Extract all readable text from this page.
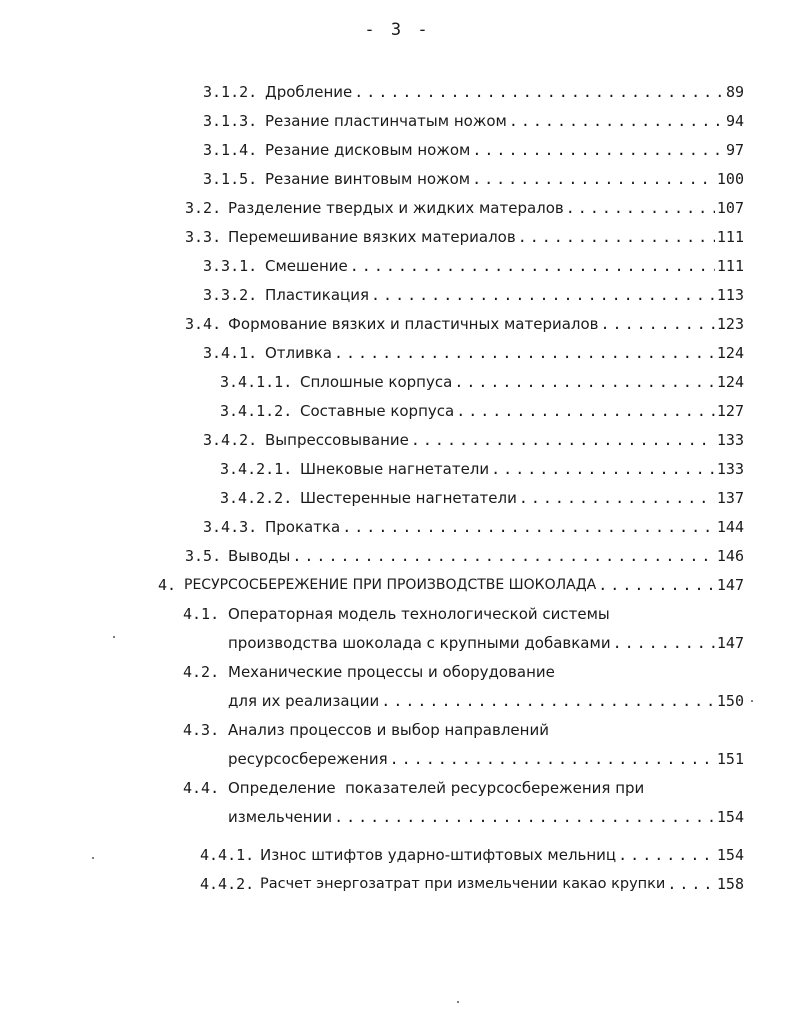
- 3 -
3.1.2. Дробление .....	89
3.1.3. Резание пластинчатым ножом .....	94
3.1.4. Резание дисковым ножом .....	97
3.1.5. Резание винтовым ножом .....	100
3.2. Разделение твердых и жидких матерaлов .....	107
3.3. Перемешивание вязких материалов .....	111
3.3.1. Смешение .....	111
3.3.2. Пластикация .....	113
3.4. Формование вязких и пластичных материалов .....	123
3.4.1. Отливка .....	124
3.4.1.1. Сплошные корпуса .....	124
3.4.1.2. Составные корпуса .....	127
3.4.2. Выпрессовывание .....	133
3.4.2.1. Шнековые нагнетатели .....	133
3.4.2.2. Шестеренные нагнетатели .....	137
3.4.3. Прокатка .....	144
3.5. Выводы .....	146
4. РЕСУРСОСБЕРЕЖЕНИЕ ПРИ ПРОИЗВОДСТВЕ ШОКОЛАДА .....	147
4.1. Операторная модель технологической системы
производства шоколада с крупными добавками .....	147
4.2. Механические процессы и оборудование
для их реализации .....	150
4.3. Анализ процессов и выбор направлений
ресурсосбережения .....	151
4.4. Определение  показателей ресурсосбережения при
измельчении .....	154
4.4.1. Износ штифтов ударно-штифтовых мельниц .....	154
4.4.2. Расчет энергозатрат при измельчении какао крупки .....	158
